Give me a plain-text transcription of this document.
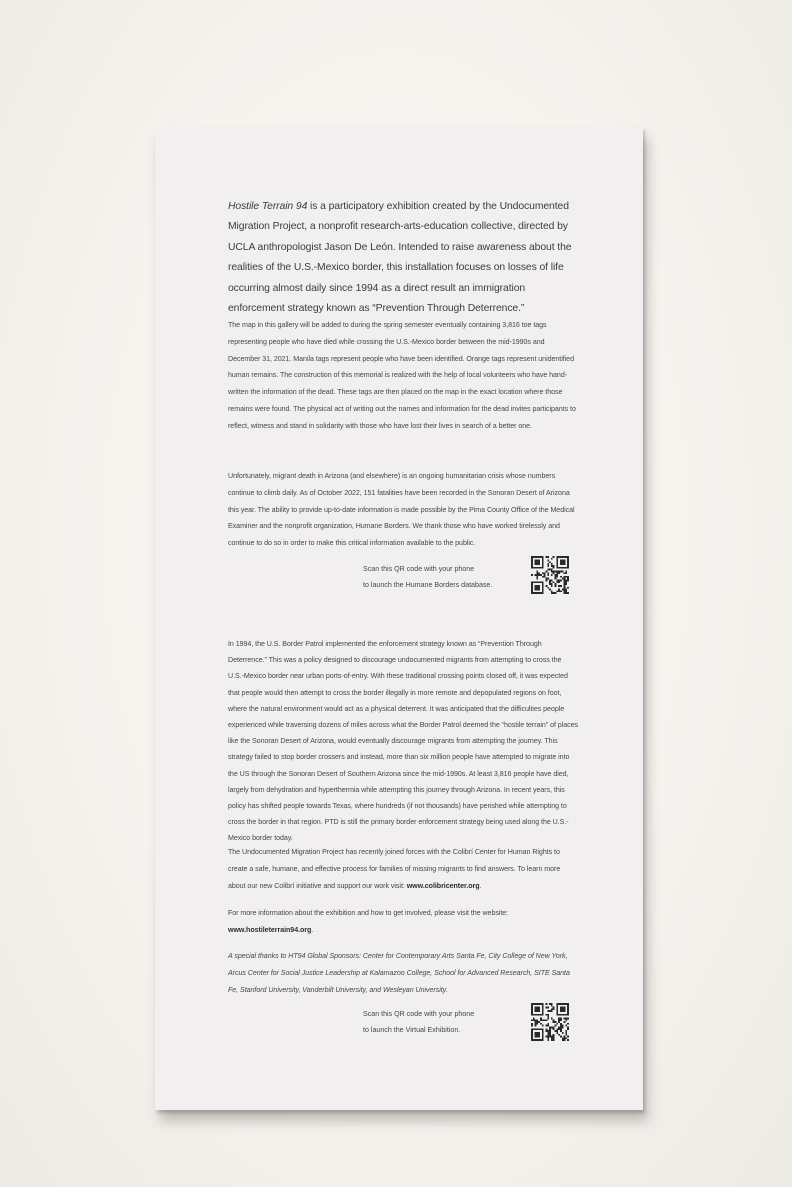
Hostile Terrain 94 is a participatory exhibition created by the Undocumented Migration Project, a nonprofit research-arts-education collective, directed by UCLA anthropologist Jason De León. Intended to raise awareness about the realities of the U.S.-Mexico border, this installation focuses on losses of life occurring almost daily since 1994 as a direct result an immigration enforcement strategy known as “Prevention Through Deterrence.”
The map in this gallery will be added to during the spring semester eventually containing 3,816 toe tags representing people who have died while crossing the U.S.-Mexico border between the mid-1990s and December 31, 2021. Manila tags represent people who have been identified. Orange tags represent unidentified human remains. The construction of this memorial is realized with the help of local volunteers who have hand-written the information of the dead. These tags are then placed on the map in the exact location where those remains were found. The physical act of writing out the names and information for the dead invites participants to reflect, witness and stand in solidarity with those who have lost their lives in search of a better one.
Unfortunately, migrant death in Arizona (and elsewhere) is an ongoing humanitarian crisis whose numbers continue to climb daily. As of October 2022, 151 fatalities have been recorded in the Sonoran Desert of Arizona this year. The ability to provide up-to-date information is made possible by the Pima County Office of the Medical Examiner and the nonprofit organization, Humane Borders. We thank those who have worked tirelessly and continue to do so in order to make this critical information available to the public.
Scan this QR code with your phone
to launch the Humane Borders database.
In 1994, the U.S. Border Patrol implemented the enforcement strategy known as “Prevention Through Deterrence.” This was a policy designed to discourage undocumented migrants from attempting to cross the U.S.-Mexico border near urban ports-of-entry. With these traditional crossing points closed off, it was expected that people would then attempt to cross the border illegally in more remote and depopulated regions on foot, where the natural environment would act as a physical deterrent. It was anticipated that the difficulties people experienced while traversing dozens of miles across what the Border Patrol deemed the “hostile terrain” of places like the Sonoran Desert of Arizona, would eventually discourage migrants from attempting the journey. This strategy failed to stop border crossers and instead, more than six million people have attempted to migrate into the US through the Sonoran Desert of Southern Arizona since the mid-1990s. At least 3,816 people have died, largely from dehydration and hyperthermia while attempting this journey through Arizona. In recent years, this policy has shifted people towards Texas, where hundreds (if not thousands) have perished while attempting to cross the border in that region. PTD is still the primary border enforcement strategy being used along the U.S.-Mexico border today.
The Undocumented Migration Project has recently joined forces with the Colibrí Center for Human Rights to create a safe, humane, and effective process for families of missing migrants to find answers. To learn more about our new Colibrí initiative and support our work visit: www.colibricenter.org.
For more information about the exhibition and how to get involved, please visit the website: www.hostileterrain94.org.
A special thanks to HT94 Global Sponsors: Center for Contemporary Arts Santa Fe, City College of New York, Arcus Center for Social Justice Leadership at Kalamazoo College, School for Advanced Research, SITE Santa Fe, Stanford University, Vanderbilt University, and Wesleyan University.
Scan this QR code with your phone
to launch the Virtual Exhibition.
